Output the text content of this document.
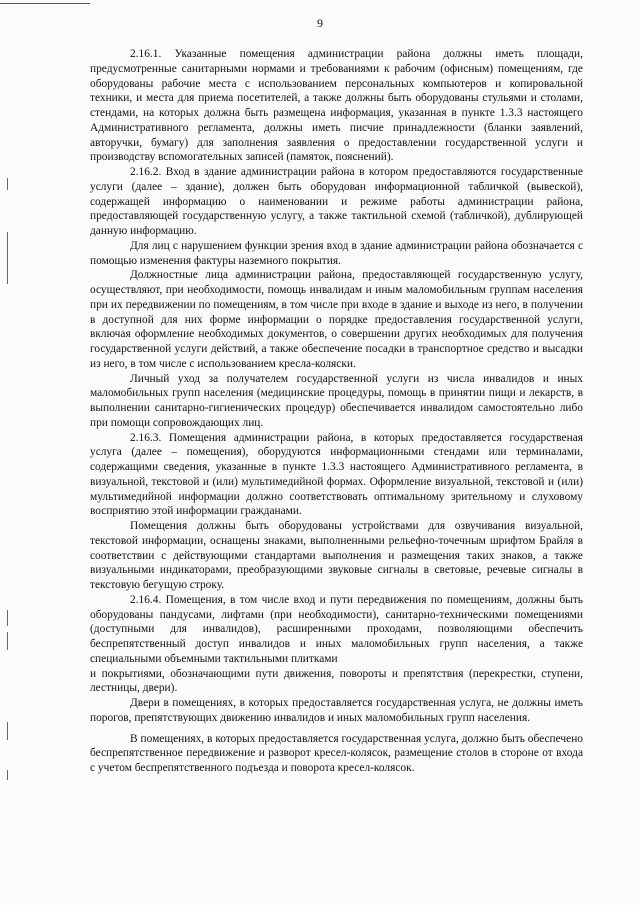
9

2.16.1. Указанные помещения администрации района должны иметь площади, предусмотренные санитарными нормами и требованиями к рабочим (офисным) помещениям, где оборудованы рабочие места с использованием персональных компьютеров и копировальной техники, и места для приема посетителей, а также должны быть оборудованы стульями и столами, стендами, на которых должна быть размещена информация, указанная в пункте 1.3.3 настоящего Административного регламента, должны иметь писчие принадлежности (бланки заявлений, авторучки, бумагу) для заполнения заявления о предоставлении государственной услуги и производству вспомогательных записей (памяток, пояснений).

2.16.2. Вход в здание администрации района в котором предоставляются государственные услуги (далее – здание), должен быть оборудован информационной табличкой (вывеской), содержащей информацию о наименовании и режиме работы администрации района, предоставляющей государственную услугу, а также тактильной схемой (табличкой), дублирующей данную информацию.

Для лиц с нарушением функции зрения вход в здание администрации района обозначается с помощью изменения фактуры наземного покрытия.

Должностные лица администрации района, предоставляющей государственную услугу, осуществляют, при необходимости, помощь инвалидам и иным маломобильным группам населения при их передвижении по помещениям, в том числе при входе в здание и выходе из него, в получении в доступной для них форме информации о порядке предоставления государственной услуги, включая оформление необходимых документов, о совершении других необходимых для получения государственной услуги действий, а также обеспечение посадки в транспортное средство и высадки из него, в том числе с использованием кресла-коляски.

Личный уход за получателем государственной услуги из числа инвалидов и иных маломобильных групп населения (медицинские процедуры, помощь в принятии пищи и лекарств, в выполнении санитарно-гигиенических процедур) обеспечивается инвалидом самостоятельно либо при помощи сопровождающих лиц.

2.16.3. Помещения администрации района, в которых предоставляется государственая услуга (далее – помещения), оборудуются информационными стендами или терминалами, содержащими сведения, указанные в пункте 1.3.3 настоящего Административного регламента, в визуальной, текстовой и (или) мультимедийной формах. Оформление визуальной, текстовой и (или) мультимедийной информации должно соответствовать оптимальному зрительному и слуховому восприятию этой информации гражданами.

Помещения должны быть оборудованы устройствами для озвучивания визуальной, текстовой информации, оснащены знаками, выполненными рельефно-точечным шрифтом Брайля в соответствии с действующими стандартами выполнения и размещения таких знаков, а также визуальными индикаторами, преобразующими звуковые сигналы в световые, речевые сигналы в текстовую бегущую строку.

2.16.4. Помещения, в том числе вход и пути передвижения по помещениям, должны быть оборудованы пандусами, лифтами (при необходимости), санитарно-техническими помещениями (доступными для инвалидов), расширенными проходами, позволяющими обеспечить беспрепятственный доступ инвалидов и иных маломобильных групп населения, а также специальными объемными тактильными плитками

и покрытиями, обозначающими пути движения, повороты и препятствия (перекрестки, ступени, лестницы, двери).

Двери в помещениях, в которых предоставляется государственная услуга, не должны иметь порогов, препятствующих движению инвалидов и иных маломобильных групп населения.

В помещениях, в которых предоставляется государственная услуга, должно быть обеспечено беспрепятственное передвижение и разворот кресел-колясок, размещение столов в стороне от входа с учетом беспрепятственного подъезда и поворота кресел-колясок.
